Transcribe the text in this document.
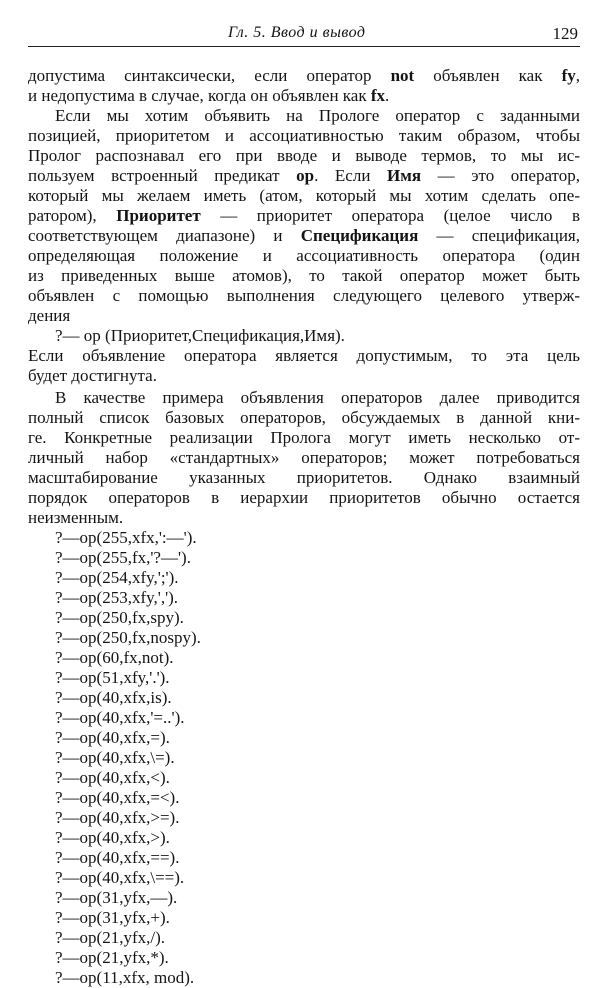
Гл. 5. Ввод и вывод	129
допустима синтаксически, если оператор not объявлен как fy,
и недопустима в случае, когда он объявлен как fx.
Если мы хотим объявить на Прологе оператор с заданными
позицией, приоритетом и ассоциативностью таким образом, чтобы
Пролог распознавал его при вводе и выводе термов, то мы ис-
пользуем встроенный предикат op. Если Имя — это оператор,
который мы желаем иметь (атом, который мы хотим сделать опе-
ратором), Приоритет — приоритет оператора (целое число в
соответствующем диапазоне) и Спецификация — спецификация,
определяющая положение и ассоциативность оператора (один
из приведенных выше атомов), то такой оператор может быть
объявлен с помощью выполнения следующего целевого утверж-
дения
?— op (Приоритет,Спецификация,Имя).
Если объявление оператора является допустимым, то эта цель
будет достигнута.
В качестве примера объявления операторов далее приводится
полный список базовых операторов, обсуждаемых в данной кни-
ге. Конкретные реализации Пролога могут иметь несколько от-
личный набор «стандартных» операторов; может потребоваться
масштабирование указанных приоритетов. Однако взаимный
порядок операторов в иерархии приоритетов обычно остается
неизменным.
?—op(255,xfx,':—').
?—op(255,fx,'?—').
?—op(254,xfy,';').
?—op(253,xfy,',').
?—op(250,fx,spy).
?—op(250,fx,nospy).
?—op(60,fx,not).
?—op(51,xfy,'.').
?—op(40,xfx,is).
?—op(40,xfx,'=..').
?—op(40,xfx,=).
?—op(40,xfx,\=).
?—op(40,xfx,<).
?—op(40,xfx,=<).
?—op(40,xfx,>=).
?—op(40,xfx,>).
?—op(40,xfx,==).
?—op(40,xfx,\==).
?—op(31,yfx,—).
?—op(31,yfx,+).
?—op(21,yfx,/).
?—op(21,yfx,*).
?—op(11,xfx, mod).
